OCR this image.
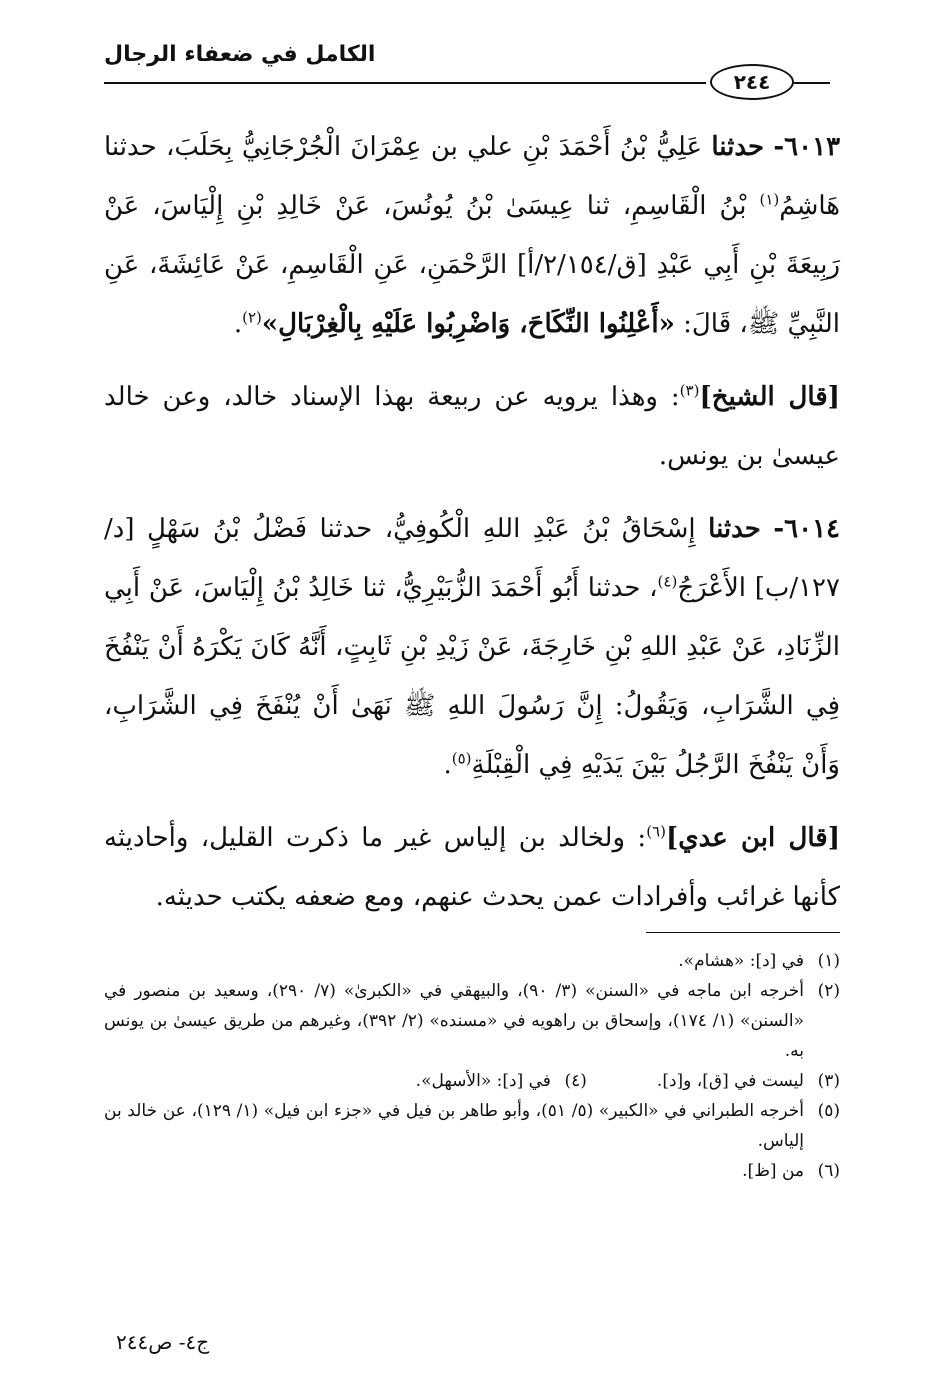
الكامل في ضعفاء الرجال
٢٤٤

٦٠١٣- حدثنا عَلِيُّ بْنُ أَحْمَدَ بْنِ علي بن عِمْرَانَ الْجُرْجَانِيُّ بِحَلَبَ، حدثنا هَاشِمُ$^{(١)}$ بْنُ الْقَاسِمِ، ثنا عِيسَىٰ بْنُ يُونُسَ، عَنْ خَالِدِ بْنِ إِلْيَاسَ، عَنْ رَبِيعَةَ بْنِ أَبِي عَبْدِ [ق/٢/١٥٤/أ] الرَّحْمَنِ، عَنِ الْقَاسِمِ، عَنْ عَائِشَةَ، عَنِ النَّبِيِّ ﷺ، قَالَ: «أَعْلِنُوا النِّكَاحَ، وَاضْرِبُوا عَلَيْهِ بِالْغِرْبَالِ»$^{(٢)}$.

[قال الشيخ]$^{(٣)}$: وهذا يرويه عن ربيعة بهذا الإسناد خالد، وعن خالد عيسىٰ بن يونس.

٦٠١٤- حدثنا إِسْحَاقُ بْنُ عَبْدِ اللهِ الْكُوفِيُّ، حدثنا فَضْلُ بْنُ سَهْلٍ [د/١٢٧/ب] الأَعْرَجُ$^{(٤)}$، حدثنا أَبُو أَحْمَدَ الزُّبَيْرِيُّ، ثنا خَالِدُ بْنُ إِلْيَاسَ، عَنْ أَبِي الزِّنَادِ، عَنْ عَبْدِ اللهِ بْنِ خَارِجَةَ، عَنْ زَيْدِ بْنِ ثَابِتٍ، أَنَّهُ كَانَ يَكْرَهُ أَنْ يَنْفُخَ فِي الشَّرَابِ، وَيَقُولُ: إِنَّ رَسُولَ اللهِ ﷺ نَهَىٰ أَنْ يُنْفَخَ فِي الشَّرَابِ، وَأَنْ يَنْفُخَ الرَّجُلُ بَيْنَ يَدَيْهِ فِي الْقِبْلَةِ$^{(٥)}$.

[قال ابن عدي]$^{(٦)}$: ولخالد بن إلياس غير ما ذكرت القليل، وأحاديثه كأنها غرائب وأفرادات عمن يحدث عنهم، ومع ضعفه يكتب حديثه.

(١)
في [د]: «هشام».
(٢)
أخرجه ابن ماجه في «السنن» (٣/ ٩٠)، والبيهقي في «الكبرىٰ» (٧/ ٢٩٠)، وسعيد بن منصور في «السنن» (١/ ١٧٤)، وإسحاق بن راهويه في «مسنده» (٢/ ٣٩٢)، وغيرهم من طريق عيسىٰ بن يونس به.
(٣)
ليست في [ق]، و[د].
(٤)
في [د]: «الأسهل».
(٥)
أخرجه الطبراني في «الكبير» (٥/ ٥١)، وأبو طاهر بن فيل في «جزء ابن فيل» (١/ ١٢٩)، عن خالد بن إلياس.
(٦)
من [ظ].
ج٤- ص٢٤٤
